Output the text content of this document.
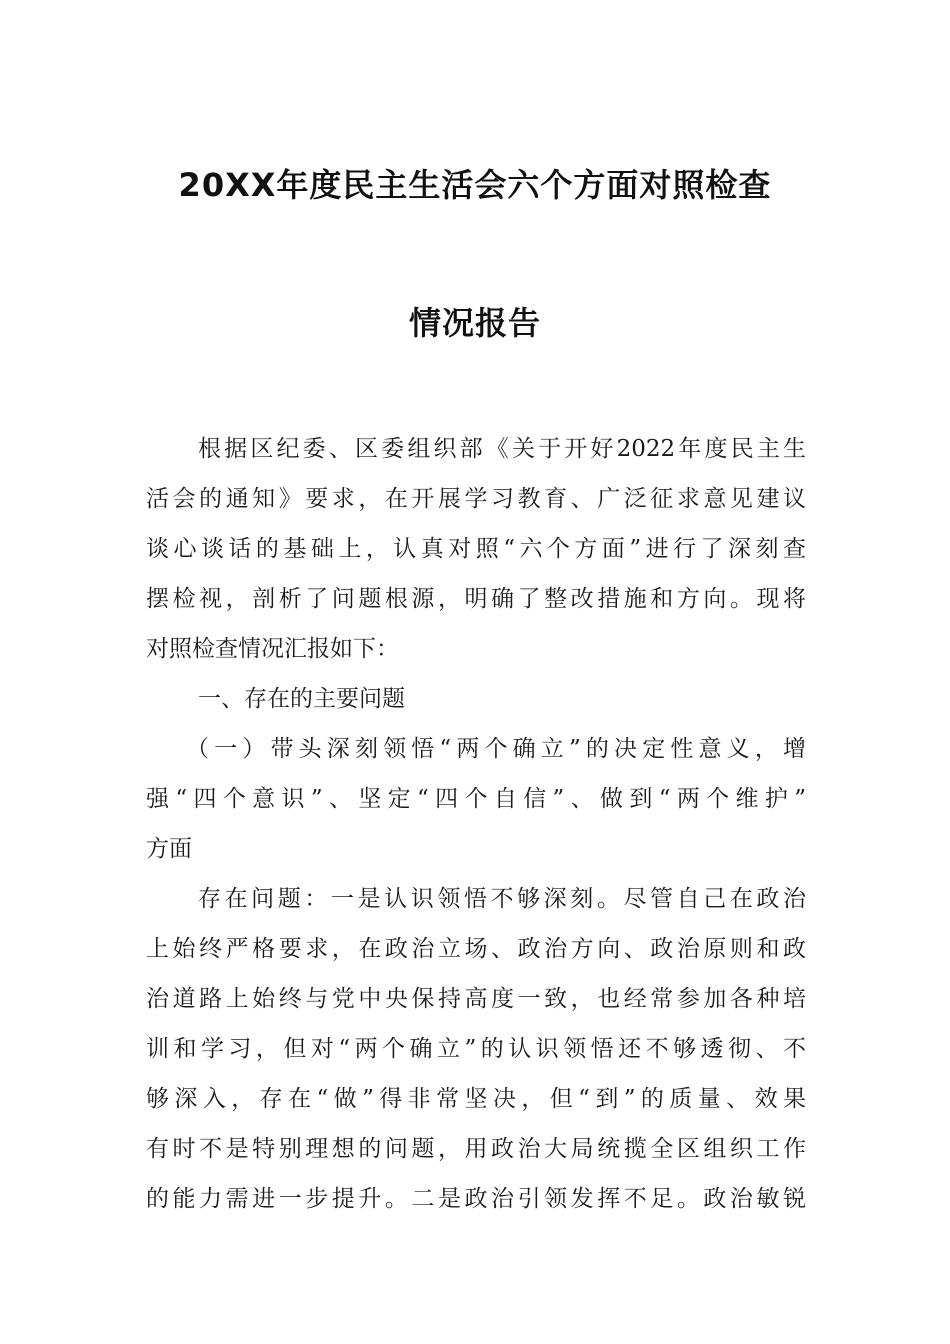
20XX年度民主生活会六个方面对照检查
情况报告
根据区纪委、区委组织部《关于开好2022年度民主生
活会的通知》要求，在开展学习教育、广泛征求意见建议
谈心谈话的基础上，认真对照“六个方面”进行了深刻查
摆检视，剖析了问题根源，明确了整改措施和方向。现将
对照检查情况汇报如下：
一、存在的主要问题
（一）带头深刻领悟“两个确立”的决定性意义，增
强“四个意识”、坚定“四个自信”、做到“两个维护”
方面
存在问题：一是认识领悟不够深刻。尽管自己在政治
上始终严格要求，在政治立场、政治方向、政治原则和政
治道路上始终与党中央保持高度一致，也经常参加各种培
训和学习，但对“两个确立”的认识领悟还不够透彻、不
够深入，存在“做”得非常坚决，但“到”的质量、效果
有时不是特别理想的问题，用政治大局统揽全区组织工作
的能力需进一步提升。二是政治引领发挥不足。政治敏锐
